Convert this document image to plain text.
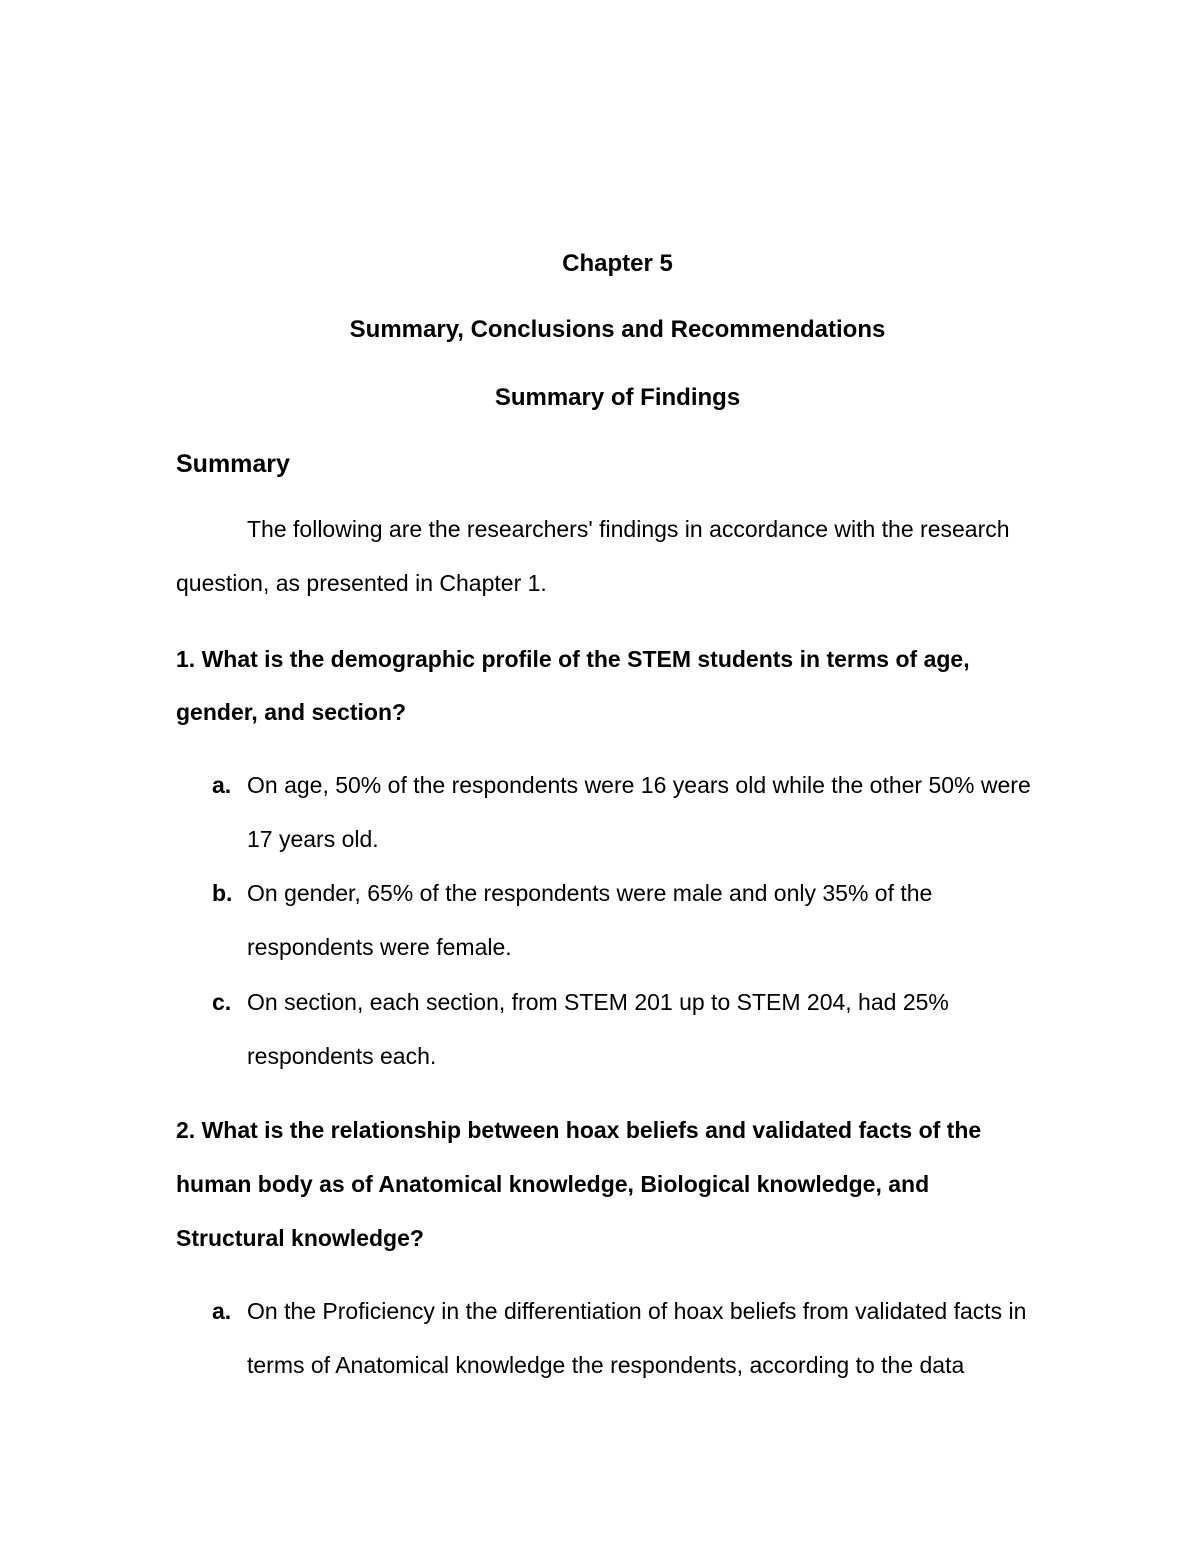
Chapter 5
Summary, Conclusions and Recommendations
Summary of Findings
Summary
The following are the researchers' findings in accordance with the research
question, as presented in Chapter 1.
1. What is the demographic profile of the STEM students in terms of age,
gender, and section?
a. On age, 50% of the respondents were 16 years old while the other 50% were
17 years old.
b. On gender, 65% of the respondents were male and only 35% of the
respondents were female.
c. On section, each section, from STEM 201 up to STEM 204, had 25%
respondents each.
2. What is the relationship between hoax beliefs and validated facts of the
human body as of Anatomical knowledge, Biological knowledge, and
Structural knowledge?
a. On the Proficiency in the differentiation of hoax beliefs from validated facts in
terms of Anatomical knowledge the respondents, according to the data
